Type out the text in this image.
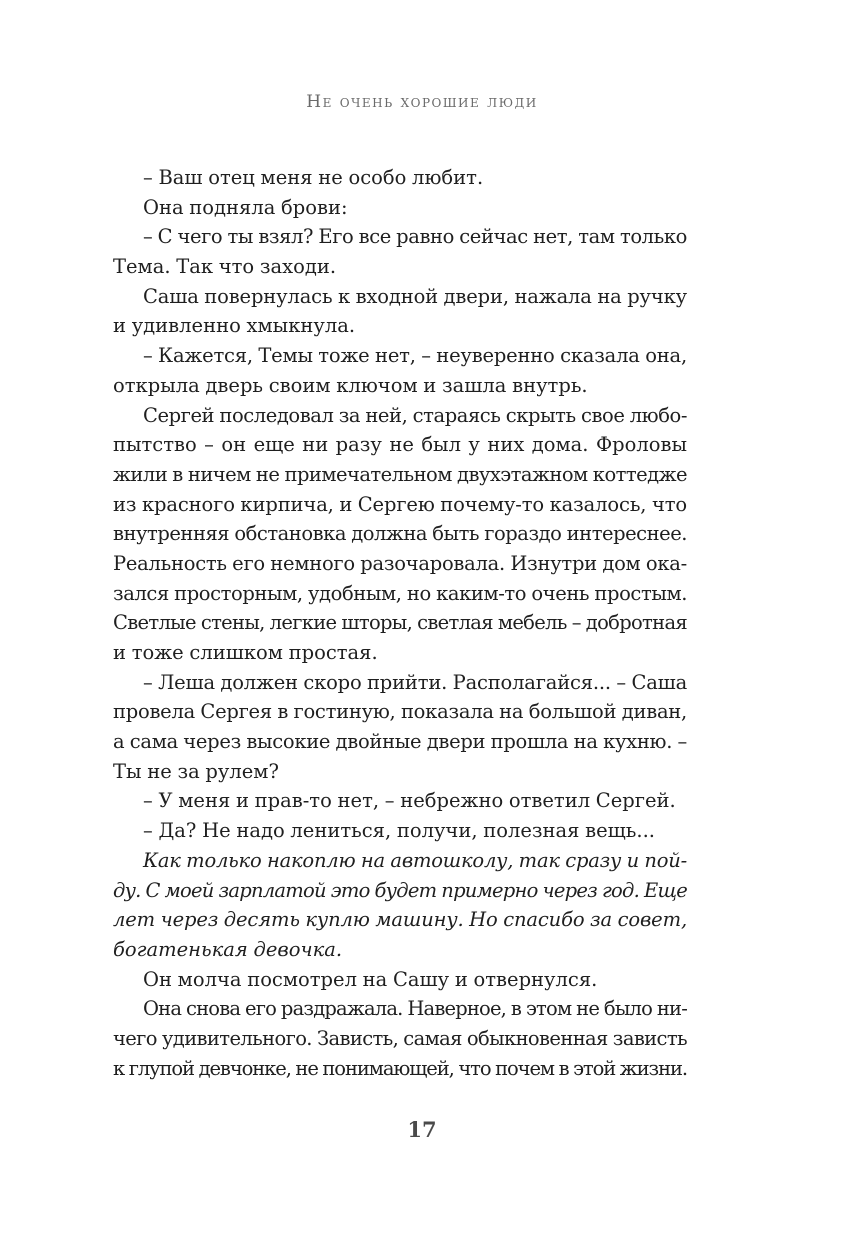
Не очень хорошие люди
– Ваш отец меня не особо любит.
Она подняла брови:
– С чего ты взял? Его все равно сейчас нет, там только
Тема. Так что заходи.
Саша повернулась к входной двери, нажала на ручку
и удивленно хмыкнула.
– Кажется, Темы тоже нет, – неуверенно сказала она,
открыла дверь своим ключом и зашла внутрь.
Сергей последовал за ней, стараясь скрыть свое любо-
пытство – он еще ни разу не был у них дома. Фроловы
жили в ничем не примечательном двухэтажном коттедже
из красного кирпича, и Сергею почему-то казалось, что
внутренняя обстановка должна быть гораздо интереснее.
Реальность его немного разочаровала. Изнутри дом ока-
зался просторным, удобным, но каким-то очень простым.
Светлые стены, легкие шторы, светлая мебель – добротная
и тоже слишком простая.
– Леша должен скоро прийти. Располагайся... – Саша
провела Сергея в гостиную, показала на большой диван,
а сама через высокие двойные двери прошла на кухню. –
Ты не за рулем?
– У меня и прав-то нет, – небрежно ответил Сергей.
– Да? Не надо лениться, получи, полезная вещь...
Как только накоплю на автошколу, так сразу и пой-
ду. С моей зарплатой это будет примерно через год. Еще
лет через десять куплю машину. Но спасибо за совет,
богатенькая девочка.
Он молча посмотрел на Сашу и отвернулся.
Она снова его раздражала. Наверное, в этом не было ни-
чего удивительного. Зависть, самая обыкновенная зависть
к глупой девчонке, не понимающей, что почем в этой жизни.
17
